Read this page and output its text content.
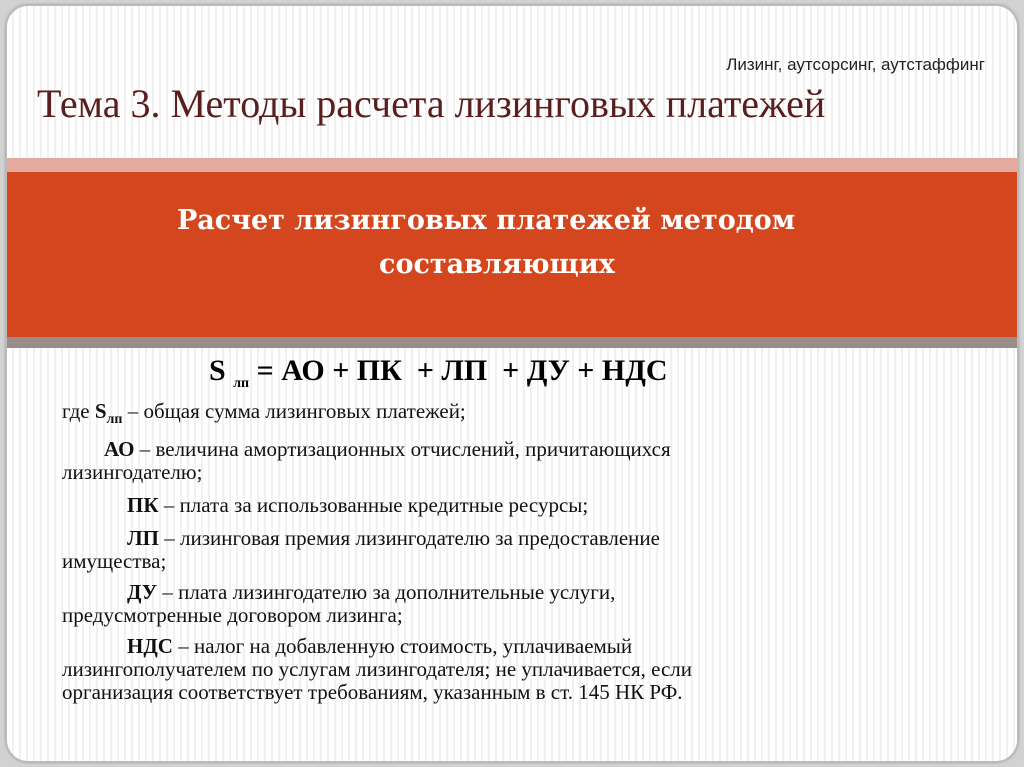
Лизинг, аутсорсинг, аутстаффинг
Тема 3. Методы расчета лизинговых платежей
Расчет лизинговых платежей методом
составляющих
S $_{лп}$ = АО + ПК  + ЛП  + ДУ + НДС
где $S_{лп}$ – общая сумма лизинговых платежей;
АО – величина амортизационных отчислений, причитающихся
лизингодателю;
ПК – плата за использованные кредитные ресурсы;
ЛП – лизинговая премия лизингодателю за предоставление
имущества;
ДУ – плата лизингодателю за дополнительные услуги,
предусмотренные договором лизинга;
НДС – налог на добавленную стоимость, уплачиваемый
лизингополучателем по услугам лизингодателя; не уплачивается, если
организация соответствует требованиям, указанным в ст. 145 НК РФ.
